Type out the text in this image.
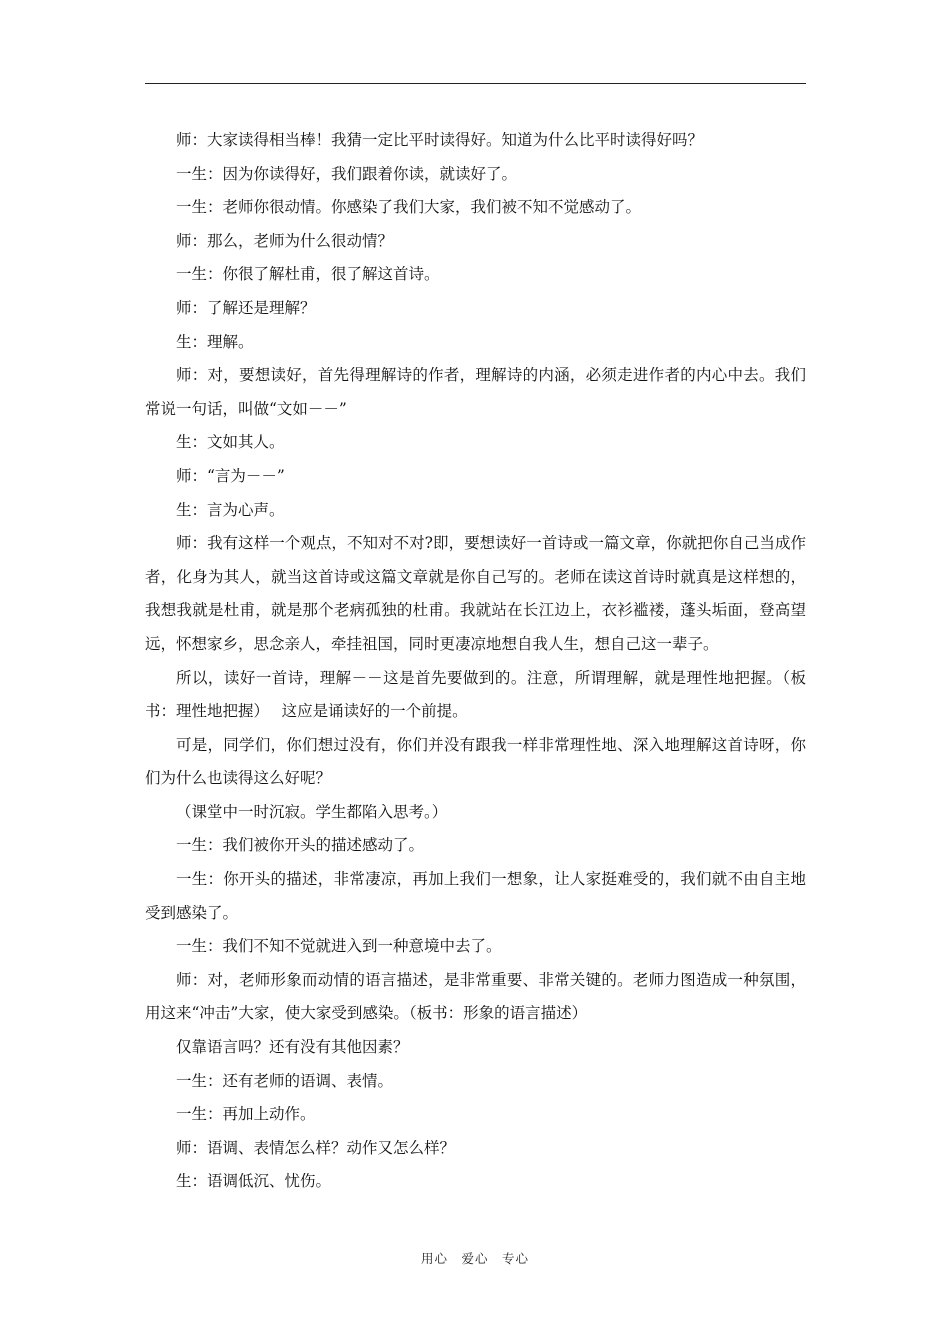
师：大家读得相当棒！我猜一定比平时读得好。知道为什么比平时读得好吗？

一生：因为你读得好，我们跟着你读，就读好了。

一生：老师你很动情。你感染了我们大家，我们被不知不觉感动了。

师：那么，老师为什么很动情？

一生：你很了解杜甫，很了解这首诗。

师：了解还是理解？

生：理解。

师：对，要想读好，首先得理解诗的作者，理解诗的内涵，必须走进作者的内心中去。我们常说一句话，叫做“文如－－”

生：文如其人。

师：“言为－－”

生：言为心声。

师：我有这样一个观点，不知对不对?即，要想读好一首诗或一篇文章，你就把你自己当成作者，化身为其人，就当这首诗或这篇文章就是你自己写的。老师在读这首诗时就真是这样想的，我想我就是杜甫，就是那个老病孤独的杜甫。我就站在长江边上，衣衫褴褛，蓬头垢面，登高望远，怀想家乡，思念亲人，牵挂祖国，同时更凄凉地想自我人生，想自己这一辈子。

所以，读好一首诗，理解－－这是首先要做到的。注意，所谓理解，就是理性地把握。（板书：理性地把握）　 这应是诵读好的一个前提。

可是，同学们，你们想过没有，你们并没有跟我一样非常理性地、深入地理解这首诗呀，你们为什么也读得这么好呢？

（课堂中一时沉寂。学生都陷入思考。）

一生：我们被你开头的描述感动了。

一生：你开头的描述，非常凄凉，再加上我们一想象，让人家挺难受的，我们就不由自主地受到感染了。

一生：我们不知不觉就进入到一种意境中去了。

师：对，老师形象而动情的语言描述，是非常重要、非常关键的。老师力图造成一种氛围，用这来“冲击”大家，使大家受到感染。（板书：形象的语言描述）

仅靠语言吗？还有没有其他因素？

一生：还有老师的语调、表情。

一生：再加上动作。

师：语调、表情怎么样？动作又怎么样？

生：语调低沉、忧伤。

用心　爱心　专心
